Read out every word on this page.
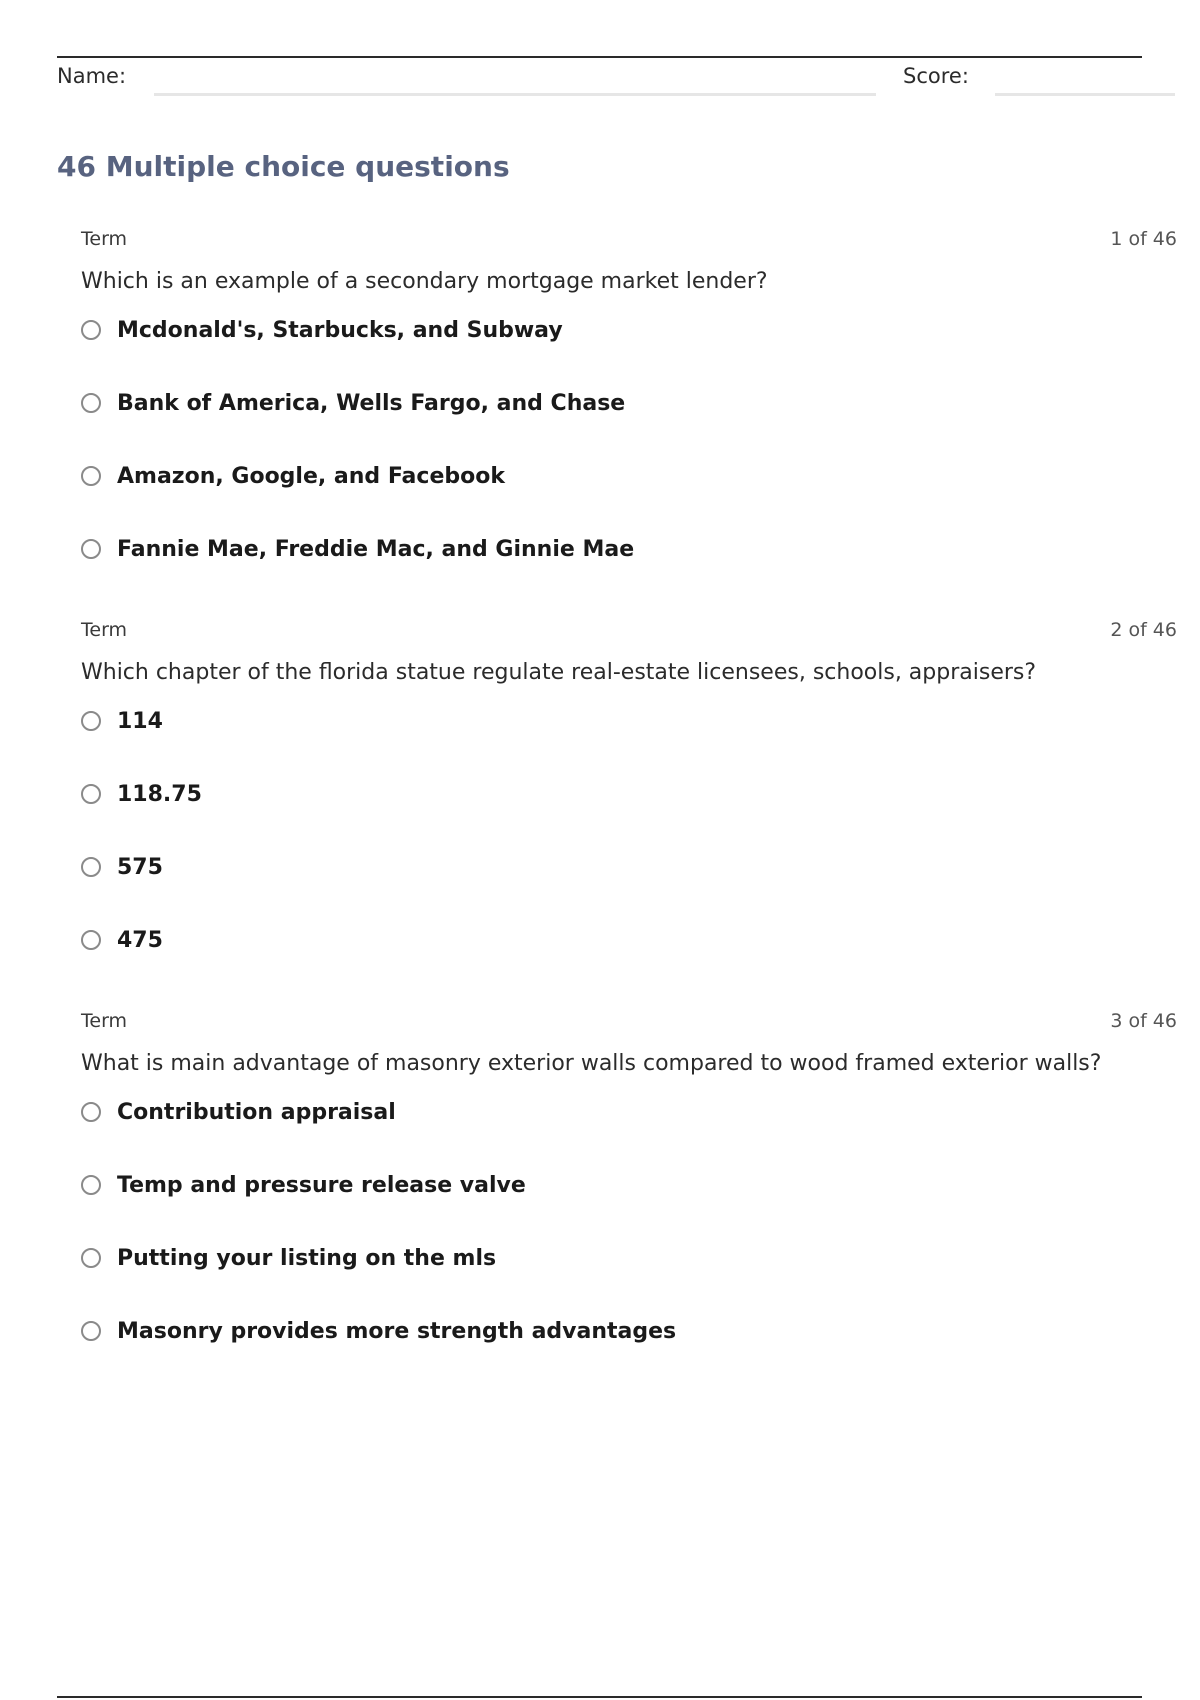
Name:	Score:
46 Multiple choice questions
Term	1 of 46
Which is an example of a secondary mortgage market lender?
Mcdonald's, Starbucks, and Subway
Bank of America, Wells Fargo, and Chase
Amazon, Google, and Facebook
Fannie Mae, Freddie Mac, and Ginnie Mae
Term	2 of 46
Which chapter of the florida statue regulate real-estate licensees, schools, appraisers?
114
118.75
575
475
Term	3 of 46
What is main advantage of masonry exterior walls compared to wood framed exterior walls?
Contribution appraisal
Temp and pressure release valve
Putting your listing on the mls
Masonry provides more strength advantages
